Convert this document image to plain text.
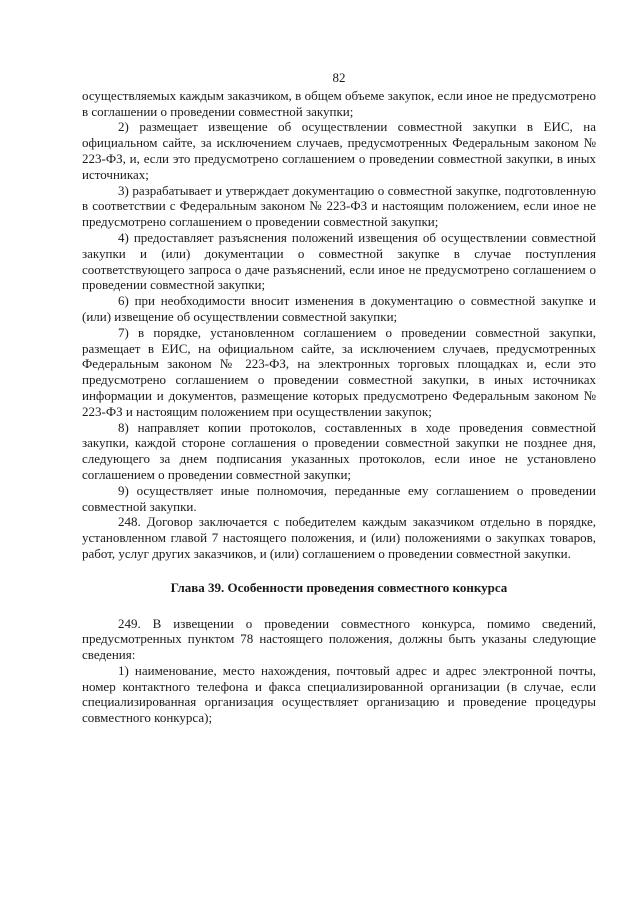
82

осуществляемых каждым заказчиком, в общем объеме закупок, если иное не предусмотрено в соглашении о проведении совместной закупки;

2) размещает извещение об осуществлении совместной закупки в ЕИС, на официальном сайте, за исключением случаев, предусмотренных Федеральным законом № 223-ФЗ, и, если это предусмотрено соглашением о проведении совместной закупки, в иных источниках;

3) разрабатывает и утверждает документацию о совместной закупке, подготовленную в соответствии с Федеральным законом № 223-ФЗ и настоящим положением, если иное не предусмотрено соглашением о проведении совместной закупки;

4) предоставляет разъяснения положений извещения об осуществлении совместной закупки и (или) документации о совместной закупке в случае поступления соответствующего запроса о даче разъяснений, если иное не предусмотрено соглашением о проведении совместной закупки;

6) при необходимости вносит изменения в документацию о совместной закупке и (или) извещение об осуществлении совместной закупки;

7) в порядке, установленном соглашением о проведении совместной закупки, размещает в ЕИС, на официальном сайте, за исключением случаев, предусмотренных Федеральным законом № 223-ФЗ, на электронных торговых площадках и, если это предусмотрено соглашением о проведении совместной закупки, в иных источниках информации и документов, размещение которых предусмотрено Федеральным законом № 223-ФЗ и настоящим положением при осуществлении закупок;

8) направляет копии протоколов, составленных в ходе проведения совместной закупки, каждой стороне соглашения о проведении совместной закупки не позднее дня, следующего за днем подписания указанных протоколов, если иное не установлено соглашением о проведении совместной закупки;

9) осуществляет иные полномочия, переданные ему соглашением о проведении совместной закупки.

248. Договор заключается с победителем каждым заказчиком отдельно в порядке, установленном главой 7 настоящего положения, и (или) положениями о закупках товаров, работ, услуг других заказчиков, и (или) соглашением о проведении совместной закупки.

Глава 39. Особенности проведения совместного конкурса

249. В извещении о проведении совместного конкурса, помимо сведений, предусмотренных пунктом 78 настоящего положения, должны быть указаны следующие сведения:

1) наименование, место нахождения, почтовый адрес и адрес электронной почты, номер контактного телефона и факса специализированной организации (в случае, если специализированная организация осуществляет организацию и проведение процедуры совместного конкурса);
